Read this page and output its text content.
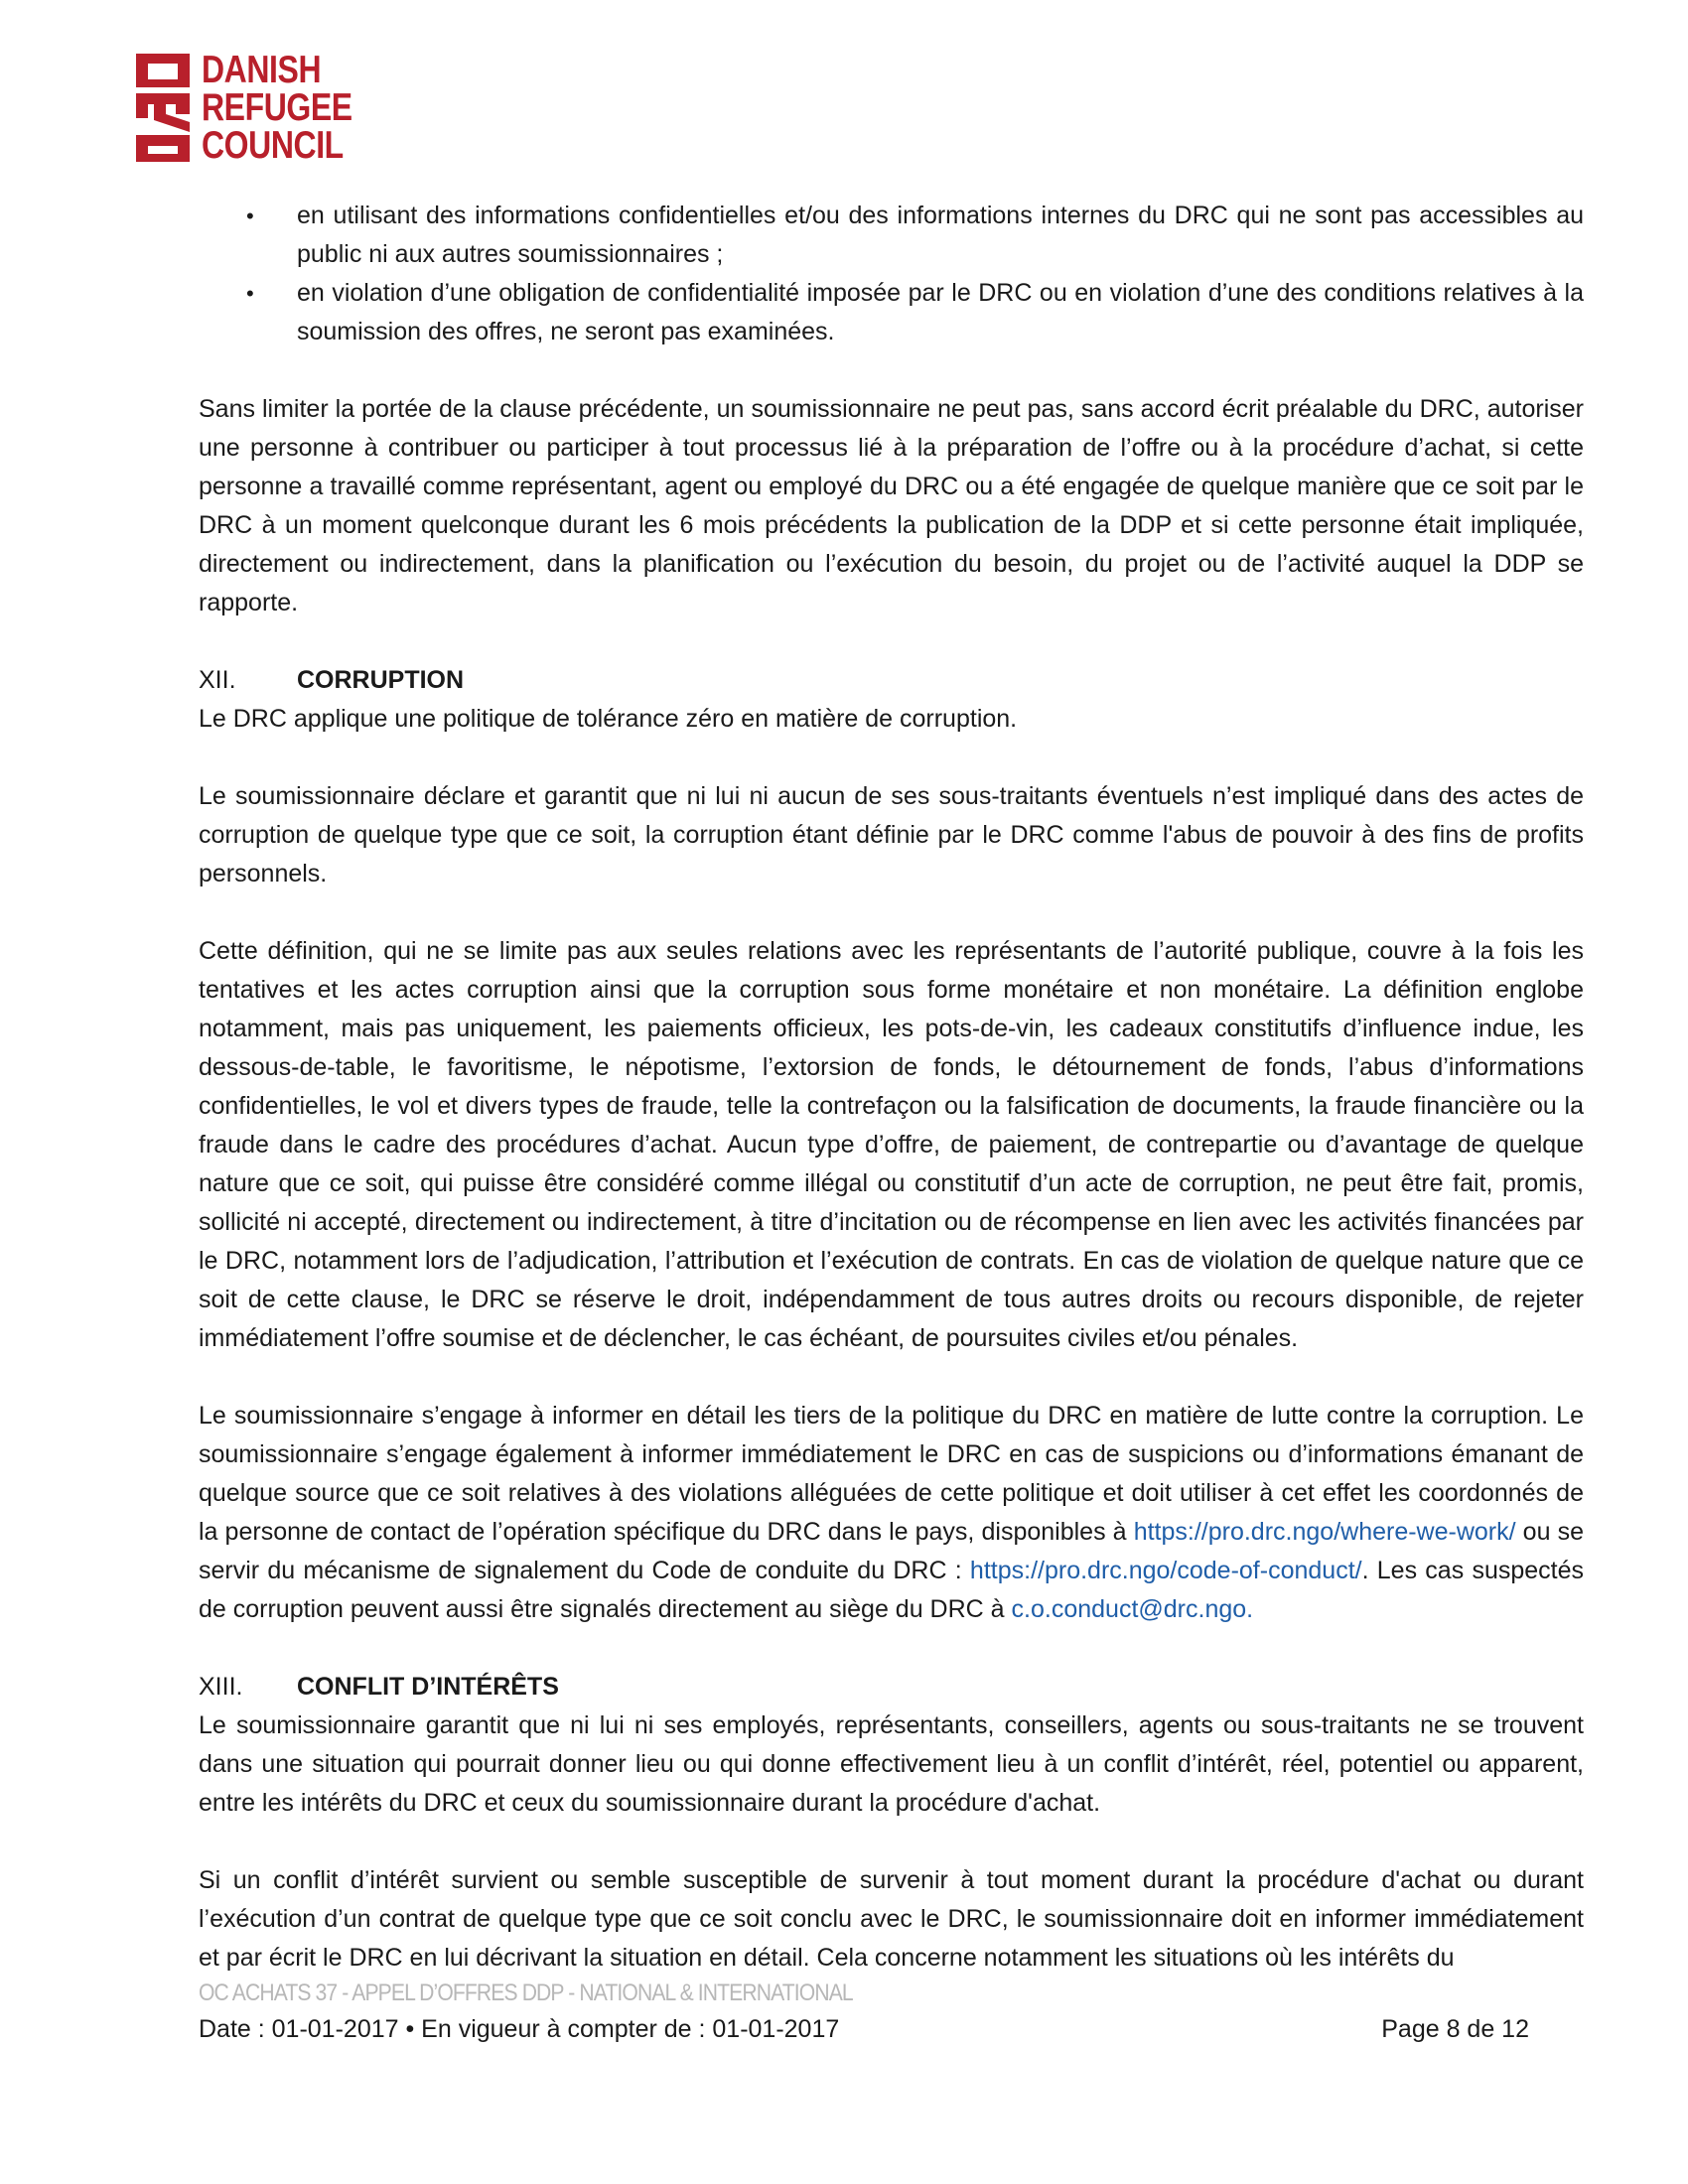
DANISH
REFUGEE
COUNCIL
• en utilisant des informations confidentielles et/ou des informations internes du DRC qui ne sont pas accessibles au public ni aux autres soumissionnaires ;
• en violation d’une obligation de confidentialité imposée par le DRC ou en violation d’une des conditions relatives à la soumission des offres, ne seront pas examinées.

Sans limiter la portée de la clause précédente, un soumissionnaire ne peut pas, sans accord écrit préalable du DRC, autoriser une personne à contribuer ou participer à tout processus lié à la préparation de l’offre ou à la procédure d’achat, si cette personne a travaillé comme représentant, agent ou employé du DRC ou a été engagée de quelque manière que ce soit par le DRC à un moment quelconque durant les 6 mois précédents la publication de la DDP et si cette personne était impliquée, directement ou indirectement, dans la planification ou l’exécution du besoin, du projet ou de l’activité auquel la DDP se rapporte.

XII.	CORRUPTION

Le DRC applique une politique de tolérance zéro en matière de corruption.

Le soumissionnaire déclare et garantit que ni lui ni aucun de ses sous-traitants éventuels n’est impliqué dans des actes de corruption de quelque type que ce soit, la corruption étant définie par le DRC comme l'abus de pouvoir à des fins de profits personnels.

Cette définition, qui ne se limite pas aux seules relations avec les représentants de l’autorité publique, couvre à la fois les tentatives et les actes corruption ainsi que la corruption sous forme monétaire et non monétaire. La définition englobe notamment, mais pas uniquement, les paiements officieux, les pots-de-vin, les cadeaux constitutifs d’influence indue, les dessous-de-table, le favoritisme, le népotisme, l’extorsion de fonds, le détournement de fonds, l’abus d’informations confidentielles, le vol et divers types de fraude, telle la contrefaçon ou la falsification de documents, la fraude financière ou la fraude dans le cadre des procédures d’achat. Aucun type d’offre, de paiement, de contrepartie ou d’avantage de quelque nature que ce soit, qui puisse être considéré comme illégal ou constitutif d’un acte de corruption, ne peut être fait, promis, sollicité ni accepté, directement ou indirectement, à titre d’incitation ou de récompense en lien avec les activités financées par le DRC, notamment lors de l’adjudication, l’attribution et l’exécution de contrats. En cas de violation de quelque nature que ce soit de cette clause, le DRC se réserve le droit, indépendamment de tous autres droits ou recours disponible, de rejeter immédiatement l’offre soumise et de déclencher, le cas échéant, de poursuites civiles et/ou pénales.

Le soumissionnaire s’engage à informer en détail les tiers de la politique du DRC en matière de lutte contre la corruption. Le soumissionnaire s’engage également à informer immédiatement le DRC en cas de suspicions ou d’informations émanant de quelque source que ce soit relatives à des violations alléguées de cette politique et doit utiliser à cet effet les coordonnés de la personne de contact de l’opération spécifique du DRC dans le pays, disponibles à https://pro.drc.ngo/where-we-work/ ou se servir du mécanisme de signalement du Code de conduite du DRC : https://pro.drc.ngo/code-of-conduct/. Les cas suspectés de corruption peuvent aussi être signalés directement au siège du DRC à c.o.conduct@drc.ngo.

XIII.	CONFLIT D’INTÉRÊTS

Le soumissionnaire garantit que ni lui ni ses employés, représentants, conseillers, agents ou sous-traitants ne se trouvent dans une situation qui pourrait donner lieu ou qui donne effectivement lieu à un conflit d’intérêt, réel, potentiel ou apparent, entre les intérêts du DRC et ceux du soumissionnaire durant la procédure d'achat.

Si un conflit d’intérêt survient ou semble susceptible de survenir à tout moment durant la procédure d'achat ou durant l’exécution d’un contrat de quelque type que ce soit conclu avec le DRC, le soumissionnaire doit en informer immédiatement et par écrit le DRC en lui décrivant la situation en détail. Cela concerne notamment les situations où les intérêts du

OC ACHATS 37 - APPEL D’OFFRES DDP - NATIONAL & INTERNATIONAL
Date : 01-01-2017 • En vigueur à compter de : 01-01-2017	Page 8 de 12
